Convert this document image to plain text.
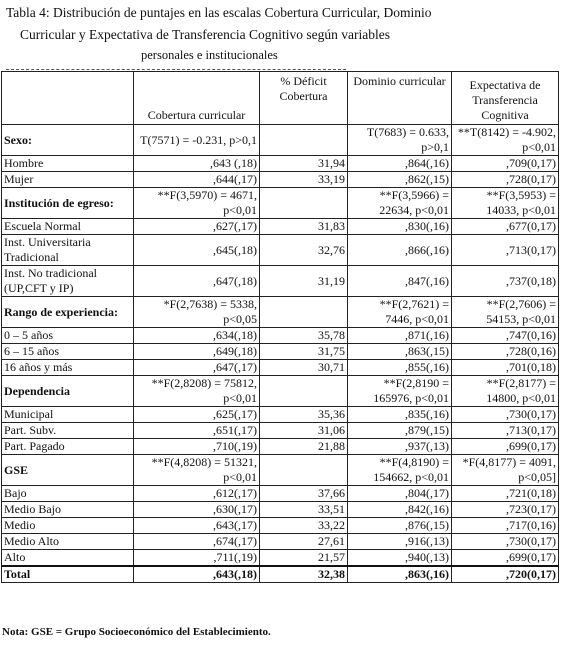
Tabla 4: Distribución de puntajes en las escalas Cobertura Curricular, Dominio
Curricular y Expectativa de Transferencia Cognitivo según variables
personales e institucionales
	Cobertura curricular	% Déficit Cobertura	Dominio curricular	Expectativa de Transferencia Cognitiva
Sexo:	T(7571) = -0.231, p>0,1		T(7683) = 0.633, p>0,1	**T(8142) = -4.902, p<0,01
Hombre	,643 (,18)	31,94	,864(,16)	,709(0,17)
Mujer	,644(,17)	33,19	,862(,15)	,728(0,17)
Institución de egreso:	**F(3,5970) = 4671, p<0,01		**F(3,5966) = 22634, p<0,01	**F(3,5953) = 14033, p<0,01
Escuela Normal	,627(,17)	31,83	,830(,16)	,677(0,17)
Inst. Universitaria Tradicional	,645(,18)	32,76	,866(,16)	,713(0,17)
Inst. No tradicional (UP,CFT y IP)	,647(,18)	31,19	,847(,16)	,737(0,18)
Rango de experiencia:	*F(2,7638) = 5338, p<0,05		**F(2,7621) = 7446, p<0,01	**F(2,7606) = 54153, p<0,01
0 – 5 años	,634(,18)	35,78	,871(,16)	,747(0,16)
6 – 15 años	,649(,18)	31,75	,863(,15)	,728(0,16)
16 años y más	,647(,17)	30,71	,855(,16)	,701(0,18)
Dependencia	**F(2,8208) = 75812, p<0,01		**F(2,8190 = 165976, p<0,01	**F(2,8177) = 14800, p<0,01
Municipal	,625(,17)	35,36	,835(,16)	,730(0,17)
Part. Subv.	,651(,17)	31,06	,879(,15)	,713(0,17)
Part. Pagado	,710(,19)	21,88	,937(,13)	,699(0,17)
GSE	**F(4,8208) = 51321, p<0,01		**F(4,8190) = 154662, p<0,01	*F(4,8177) = 4091, p<0,05]
Bajo	,612(,17)	37,66	,804(,17)	,721(0,18)
Medio Bajo	,630(,17)	33,51	,842(,16)	,723(0,17)
Medio	,643(,17)	33,22	,876(,15)	,717(0,16)
Medio Alto	,674(,17)	27,61	,916(,13)	,730(0,17)
Alto	,711(,19)	21,57	,940(,13)	,699(0,17)
Total	,643(,18)	32,38	,863(,16)	,720(0,17)
Nota: GSE = Grupo Socioeconómico del Establecimiento.
